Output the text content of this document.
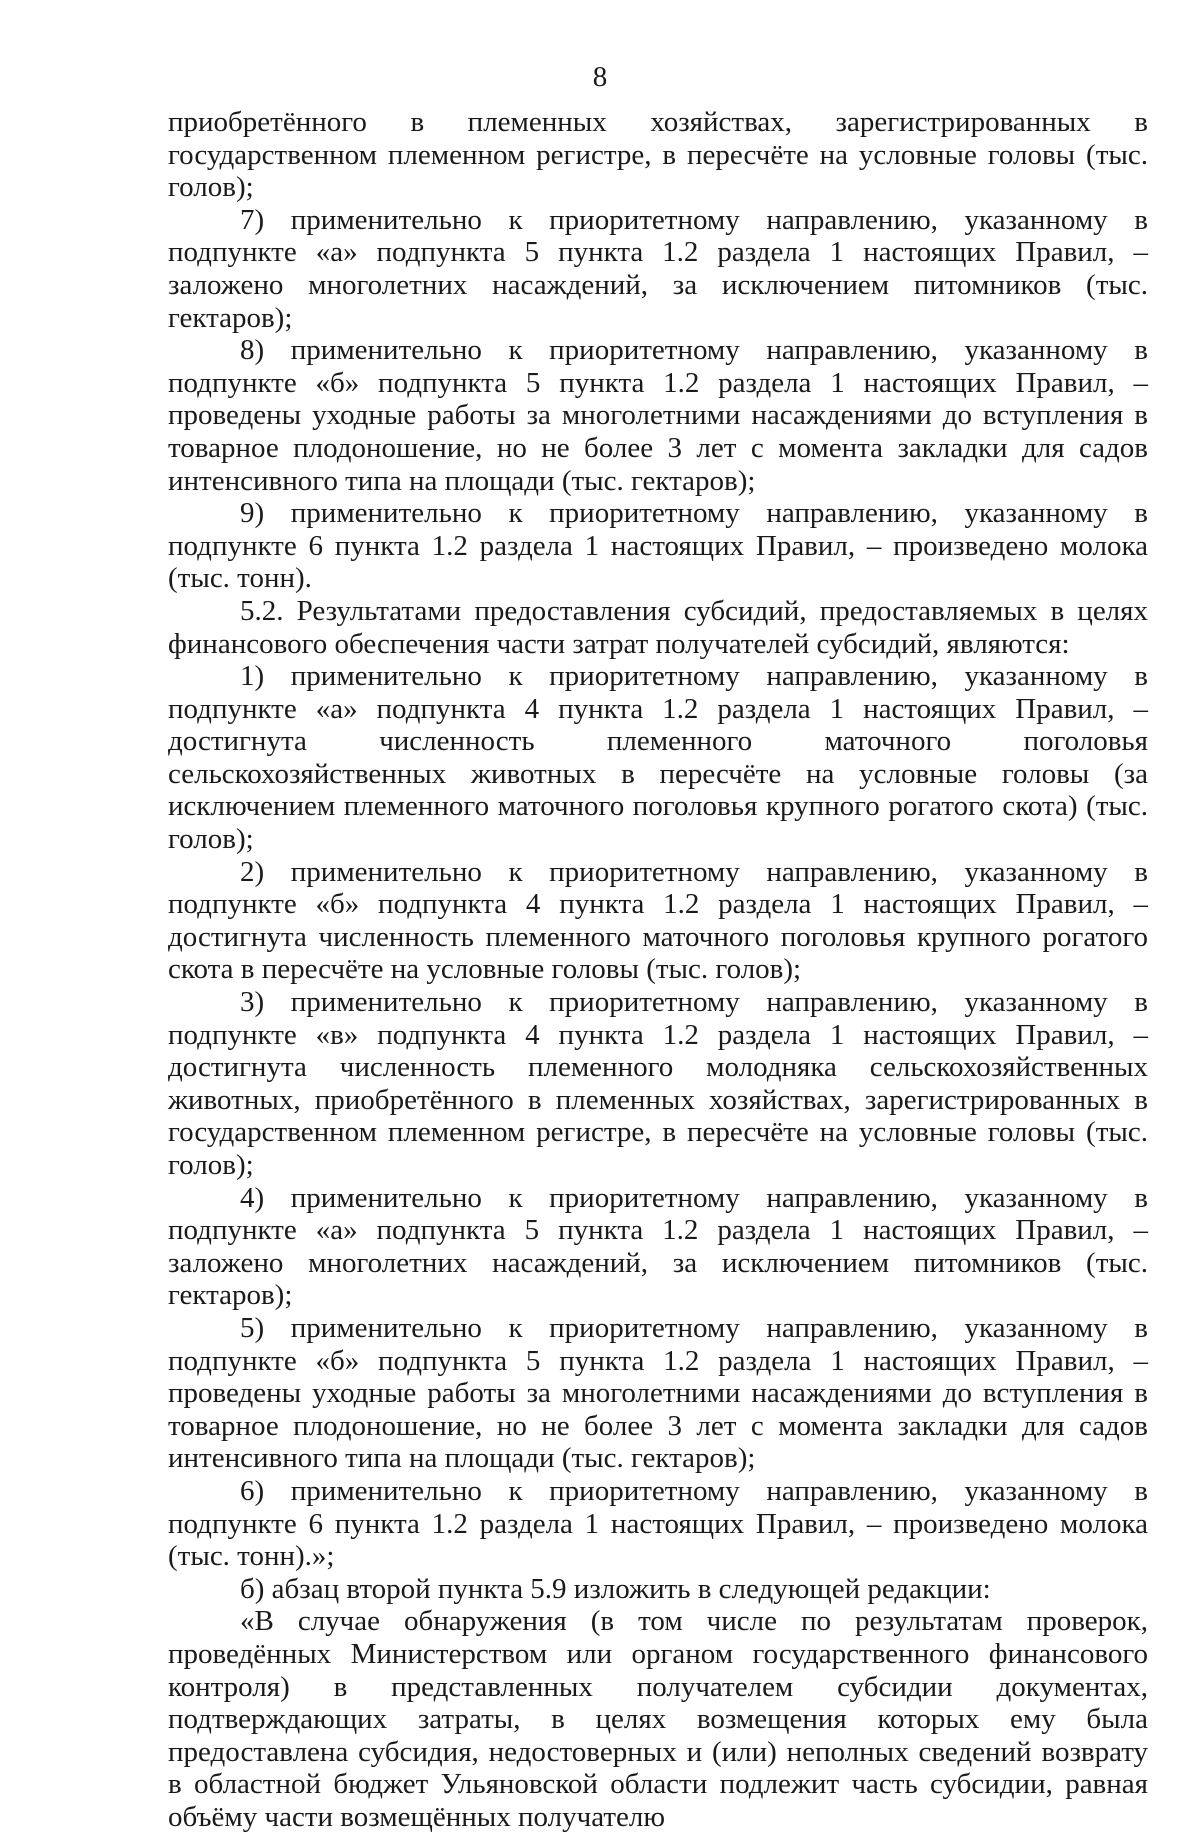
8

приобретённого в племенных хозяйствах, зарегистрированных в государственном племенном регистре, в пересчёте на условные головы (тыс. голов);

7) применительно к приоритетному направлению, указанному в подпункте «а» подпункта 5 пункта 1.2 раздела 1 настоящих Правил, – заложено многолетних насаждений, за исключением питомников (тыс. гектаров);

8) применительно к приоритетному направлению, указанному в подпункте «б» подпункта 5 пункта 1.2 раздела 1 настоящих Правил, – проведены уходные работы за многолетними насаждениями до вступления в товарное плодоношение, но не более 3 лет с момента закладки для садов интенсивного типа на площади (тыс. гектаров);

9) применительно к приоритетному направлению, указанному в подпункте 6 пункта 1.2 раздела 1 настоящих Правил, – произведено молока (тыс. тонн).

5.2. Результатами предоставления субсидий, предоставляемых в целях финансового обеспечения части затрат получателей субсидий, являются:

1) применительно к приоритетному направлению, указанному в подпункте «а» подпункта 4 пункта 1.2 раздела 1 настоящих Правил, – достигнута численность племенного маточного поголовья сельскохозяйственных животных в пересчёте на условные головы (за исключением племенного маточного поголовья крупного рогатого скота) (тыс. голов);

2) применительно к приоритетному направлению, указанному в подпункте «б» подпункта 4 пункта 1.2 раздела 1 настоящих Правил, – достигнута численность племенного маточного поголовья крупного рогатого скота в пересчёте на условные головы (тыс. голов);

3) применительно к приоритетному направлению, указанному в подпункте «в» подпункта 4 пункта 1.2 раздела 1 настоящих Правил, – достигнута численность племенного молодняка сельскохозяйственных животных, приобретённого в племенных хозяйствах, зарегистрированных в государственном племенном регистре, в пересчёте на условные головы (тыс. голов);

4) применительно к приоритетному направлению, указанному в подпункте «а» подпункта 5 пункта 1.2 раздела 1 настоящих Правил, – заложено многолетних насаждений, за исключением питомников (тыс. гектаров);

5) применительно к приоритетному направлению, указанному в подпункте «б» подпункта 5 пункта 1.2 раздела 1 настоящих Правил, – проведены уходные работы за многолетними насаждениями до вступления в товарное плодоношение, но не более 3 лет с момента закладки для садов интенсивного типа на площади (тыс. гектаров);

6) применительно к приоритетному направлению, указанному в подпункте 6 пункта 1.2 раздела 1 настоящих Правил, – произведено молока (тыс. тонн).»;

б) абзац второй пункта 5.9 изложить в следующей редакции:

«В случае обнаружения (в том числе по результатам проверок, проведённых Министерством или органом государственного финансового контроля) в представленных получателем субсидии документах, подтверждающих затраты, в целях возмещения которых ему была предоставлена субсидия, недостоверных и (или) неполных сведений возврату в областной бюджет Ульяновской области подлежит часть субсидии, равная объёму части возмещённых получателю
